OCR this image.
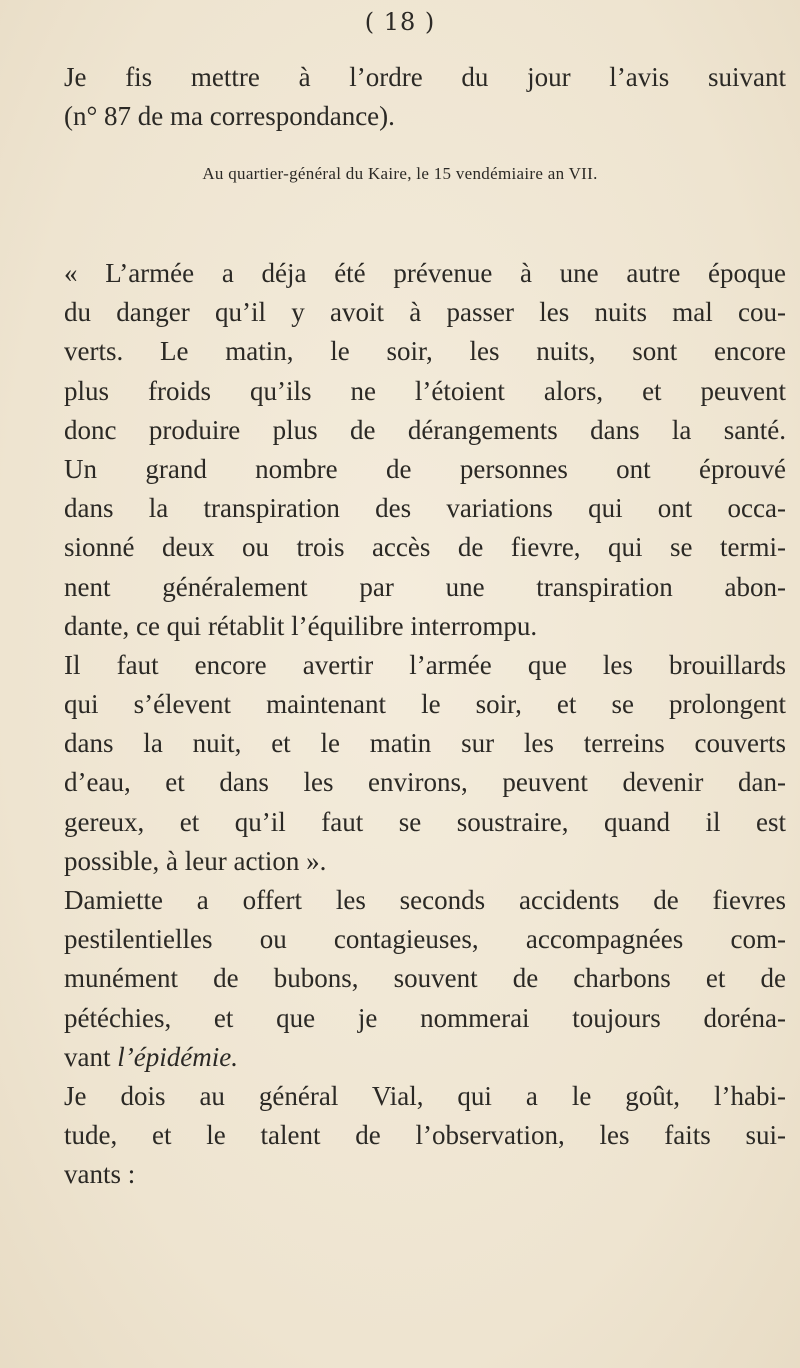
( 18 )
Je fis mettre à l’ordre du jour l’avis suivant
(n° 87 de ma correspondance).
Au quartier-général du Kaire, le 15 vendémiaire an VII.
« L’armée a déja été prévenue à une autre époque
du danger qu’il y avoit à passer les nuits mal cou-
verts. Le matin, le soir, les nuits, sont encore
plus froids qu’ils ne l’étoient alors, et peuvent
donc produire plus de dérangements dans la santé.
Un grand nombre de personnes ont éprouvé
dans la transpiration des variations qui ont occa-
sionné deux ou trois accès de fievre, qui se termi-
nent généralement par une transpiration abon-
dante, ce qui rétablit l’équilibre interrompu.
Il faut encore avertir l’armée que les brouillards
qui s’élevent maintenant le soir, et se prolongent
dans la nuit, et le matin sur les terreins couverts
d’eau, et dans les environs, peuvent devenir dan-
gereux, et qu’il faut se soustraire, quand il est
possible, à leur action ».
Damiette a offert les seconds accidents de fievres
pestilentielles ou contagieuses, accompagnées com-
munément de bubons, souvent de charbons et de
pétéchies, et que je nommerai toujours doréna-
vant l’épidémie.
Je dois au général Vial, qui a le goût, l’habi-
tude, et le talent de l’observation, les faits sui-
vants :
